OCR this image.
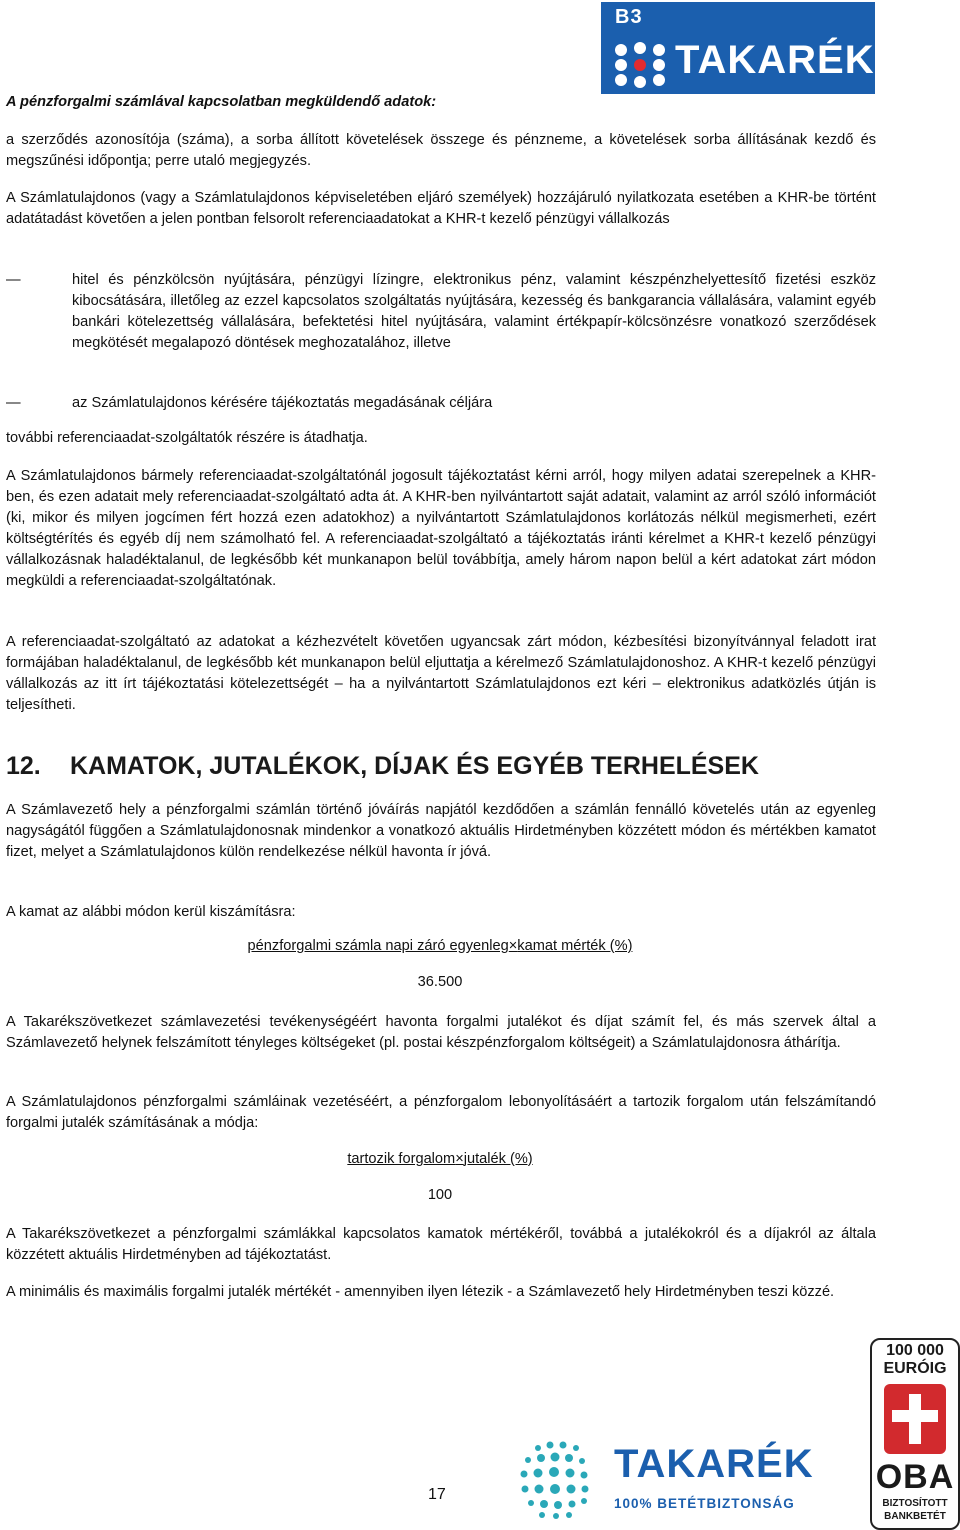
B3
TAKARÉK

A pénzforgalmi számlával kapcsolatban megküldendő adatok:

a szerződés azonosítója (száma), a sorba állított követelések összege és pénzneme, a követelések sorba állításának kezdő és megszűnési időpontja; perre utaló megjegyzés.

A Számlatulajdonos (vagy a Számlatulajdonos képviseletében eljáró személyek) hozzájáruló nyilatkozata esetében a KHR-be történt adatátadást követően a jelen pontban felsorolt referenciaadatokat a KHR-t kezelő pénzügyi vállalkozás

—	hitel és pénzkölcsön nyújtására, pénzügyi lízingre, elektronikus pénz, valamint készpénzhelyettesítő fizetési eszköz kibocsátására, illetőleg az ezzel kapcsolatos szolgáltatás nyújtására, kezesség és bankgarancia vállalására, valamint egyéb bankári kötelezettség vállalására, befektetési hitel nyújtására, valamint értékpapír-kölcsönzésre vonatkozó szerződések megkötését megalapozó döntések meghozatalához, illetve
—	az Számlatulajdonos kérésére tájékoztatás megadásának céljára

további referenciaadat-szolgáltatók részére is átadhatja.

A Számlatulajdonos bármely referenciaadat-szolgáltatónál jogosult tájékoztatást kérni arról, hogy milyen adatai szerepelnek a KHR-ben, és ezen adatait mely referenciaadat-szolgáltató adta át. A KHR-ben nyilvántartott saját adatait, valamint az arról szóló információt (ki, mikor és milyen jogcímen fért hozzá ezen adatokhoz) a nyilvántartott Számlatulajdonos korlátozás nélkül megismerheti, ezért költségtérítés és egyéb díj nem számolható fel. A referenciaadat-szolgáltató a tájékoztatás iránti kérelmet a KHR-t kezelő pénzügyi vállalkozásnak haladéktalanul, de legkésőbb két munkanapon belül továbbítja, amely három napon belül a kért adatokat zárt módon megküldi a referenciaadat-szolgáltatónak.

A referenciaadat-szolgáltató az adatokat a kézhezvételt követően ugyancsak zárt módon, kézbesítési bizonyítvánnyal feladott irat formájában haladéktalanul, de legkésőbb két munkanapon belül eljuttatja a kérelmező Számlatulajdonoshoz. A KHR-t kezelő pénzügyi vállalkozás az itt írt tájékoztatási kötelezettségét – ha a nyilvántartott Számlatulajdonos ezt kéri – elektronikus adatközlés útján is teljesítheti.

12. KAMATOK, JUTALÉKOK, DÍJAK ÉS EGYÉB TERHELÉSEK

A Számlavezető hely a pénzforgalmi számlán történő jóváírás napjától kezdődően a számlán fennálló követelés után az egyenleg nagyságától függően a Számlatulajdonosnak mindenkor a vonatkozó aktuális Hirdetményben közzétett módon és mértékben kamatot fizet, melyet a Számlatulajdonos külön rendelkezése nélkül havonta ír jóvá.

A kamat az alábbi módon kerül kiszámításra:

pénzforgalmi számla napi záró egyenleg×kamat mérték (%)
36.500

A Takarékszövetkezet számlavezetési tevékenységéért havonta forgalmi jutalékot és díjat számít fel, és más szervek által a Számlavezető helynek felszámított tényleges költségeket (pl. postai készpénzforgalom költségeit) a Számlatulajdonosra áthárítja.

A Számlatulajdonos pénzforgalmi számláinak vezetéséért, a pénzforgalom lebonyolításáért a tartozik forgalom után felszámítandó forgalmi jutalék számításának a módja:

tartozik forgalom×jutalék (%)
100

A Takarékszövetkezet a pénzforgalmi számlákkal kapcsolatos kamatok mértékéről, továbbá a jutalékokról és a díjakról az általa közzétett aktuális Hirdetményben ad tájékoztatást.

A minimális és maximális forgalmi jutalék mértékét - amennyiben ilyen létezik - a Számlavezető hely Hirdetményben teszi közzé.

17
TAKARÉK
100% BETÉTBIZTONSÁG
100 000
EURÓIG
OBA
BIZTOSÍTOTT
BANKBETÉT
